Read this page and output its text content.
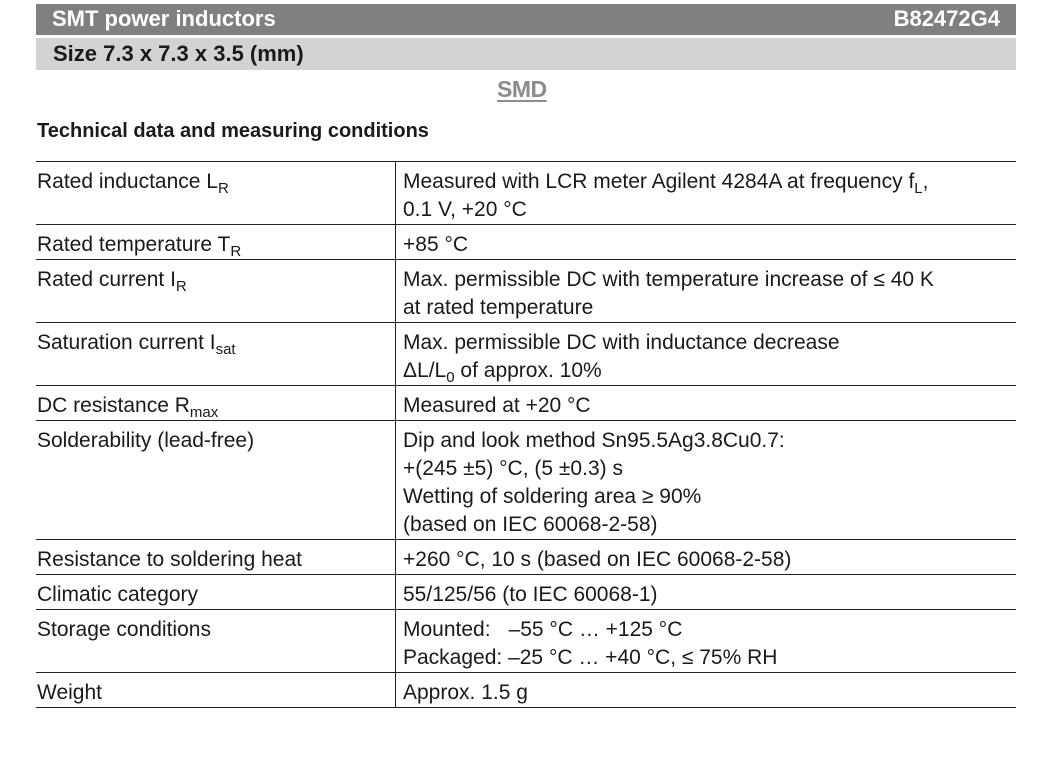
SMT power inductors	B82472G4
Size 7.3 x 7.3 x 3.5 (mm)
SMD
Technical data and measuring conditions
Rated inductance $L_R$	Measured with LCR meter Agilent 4284A at frequency $f_L$,
0.1 V, +20 °C

Rated temperature $T_R$	+85 °C

Rated current $I_R$	Max. permissible DC with temperature increase of ≤ 40 K
at rated temperature

Saturation current $I_{sat}$	Max. permissible DC with inductance decrease
$\Delta L/L_0$ of approx. 10%

DC resistance $R_{max}$	Measured at +20 °C

Solderability (lead-free)	Dip and look method Sn95.5Ag3.8Cu0.7:
+(245 ±5) °C, (5 ±0.3) s
Wetting of soldering area ≥ 90%
(based on IEC 60068-2-58)

Resistance to soldering heat	+260 °C, 10 s (based on IEC 60068-2-58)

Climatic category	55/125/56 (to IEC 60068-1)

Storage conditions	Mounted: –55 °C … +125 °C
Packaged: –25 °C … +40 °C, ≤ 75% RH

Weight	Approx. 1.5 g
